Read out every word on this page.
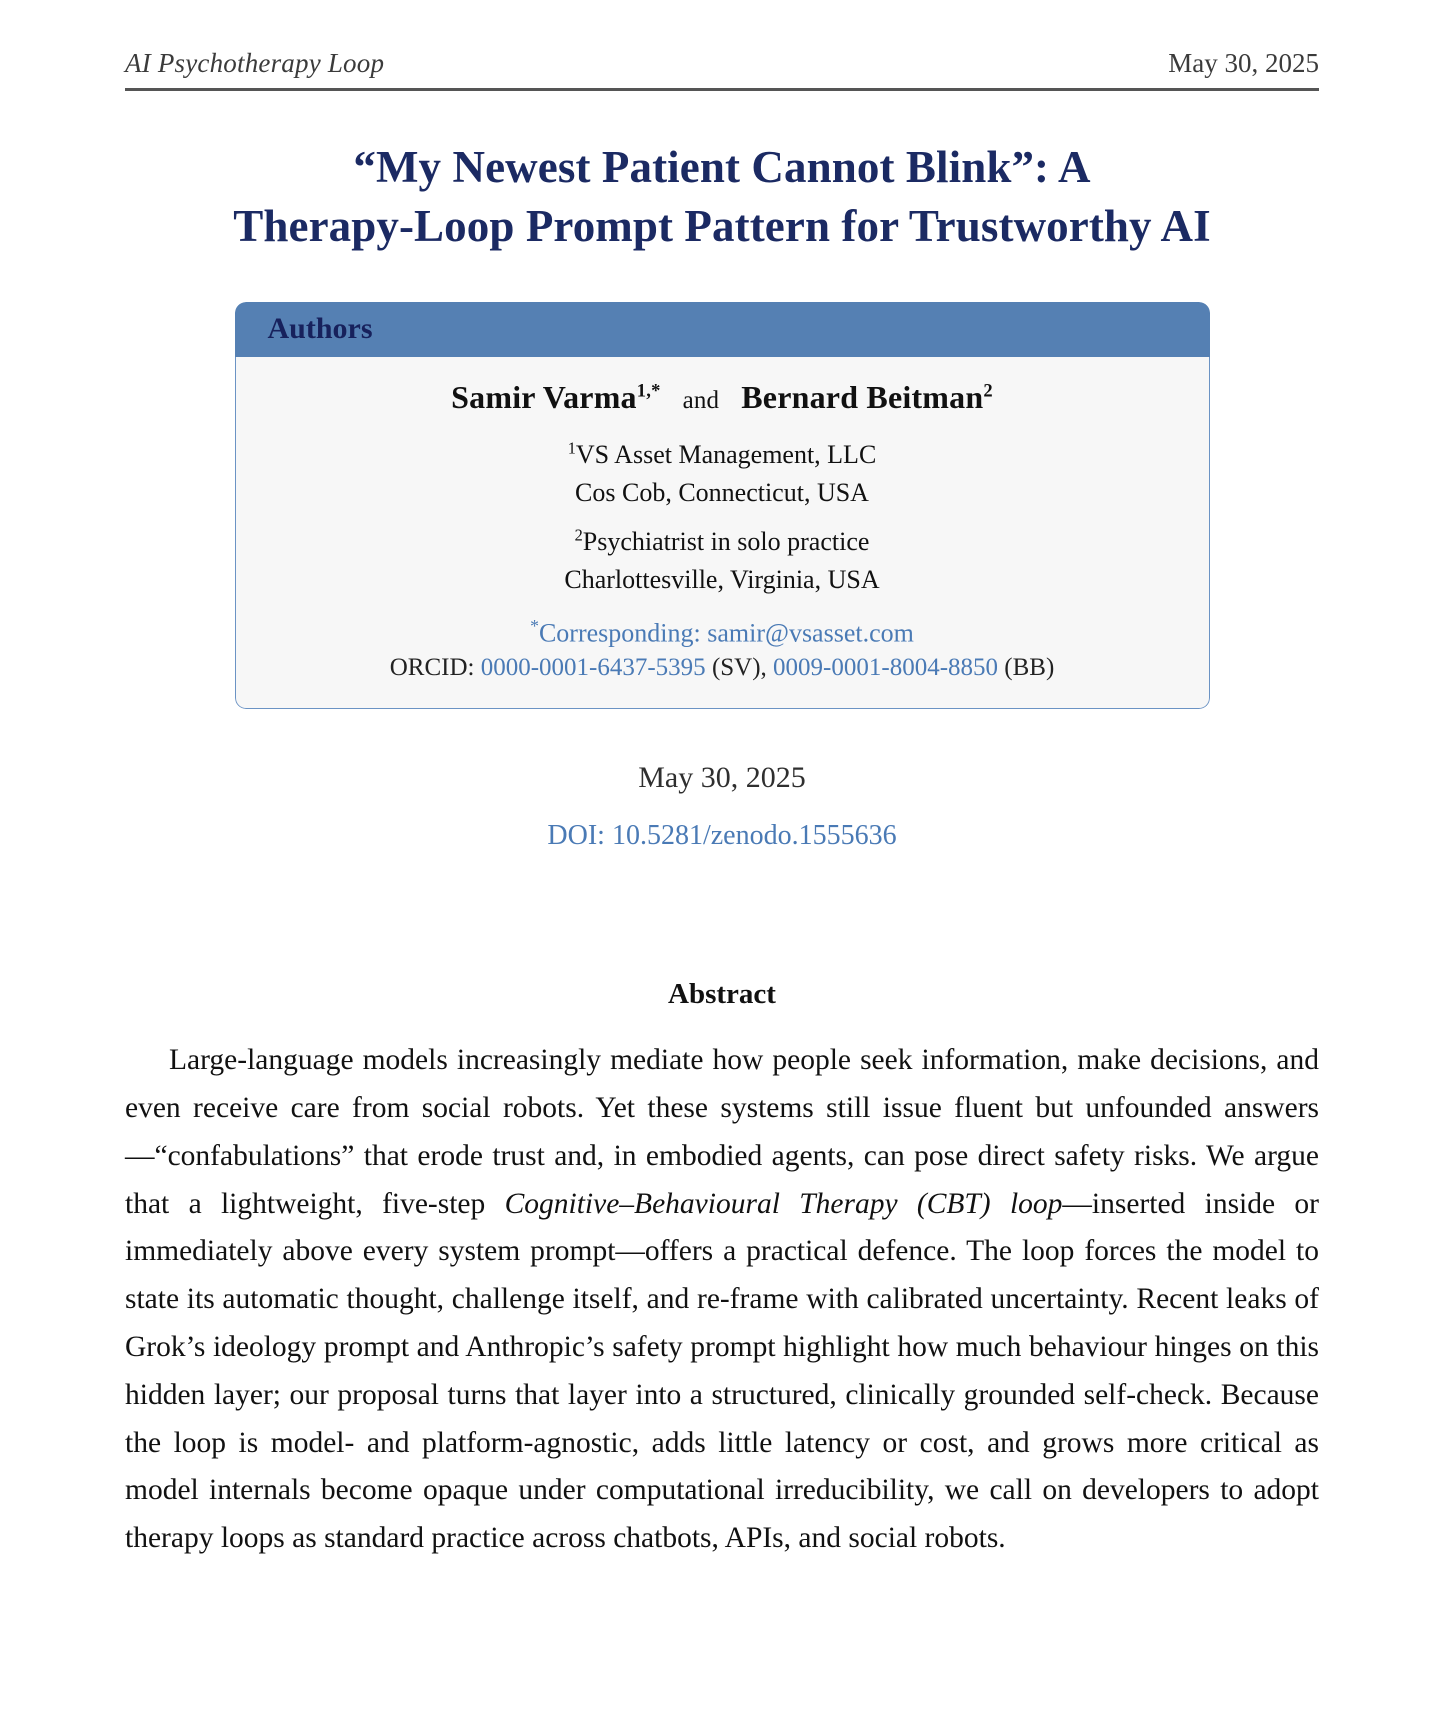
AI Psychotherapy Loop	May 30, 2025
“My Newest Patient Cannot Blink”: A
Therapy-Loop Prompt Pattern for Trustworthy AI
Authors
Samir Varma$^{1,*}$ and Bernard Beitman$^2$
$^1$VS Asset Management, LLC
Cos Cob, Connecticut, USA
$^2$Psychiatrist in solo practice
Charlottesville, Virginia, USA
*Corresponding: samir@vsasset.com
ORCID: 0000-0001-6437-5395 (SV), 0009-0001-8004-8850 (BB)
May 30, 2025
DOI: 10.5281/zenodo.1555636
Abstract
Large-language models increasingly mediate how people seek information, make decisions, and even receive care from social robots. Yet these systems still issue fluent but unfounded answers—“confabulations” that erode trust and, in embodied agents, can pose direct safety risks. We argue that a lightweight, five-step Cognitive–Behavioural Therapy (CBT) loop—inserted inside or immediately above every system prompt—offers a practical defence. The loop forces the model to state its automatic thought, challenge itself, and re-frame with calibrated uncertainty. Recent leaks of Grok’s ideology prompt and Anthropic’s safety prompt highlight how much behaviour hinges on this hidden layer; our proposal turns that layer into a structured, clinically grounded self-check. Because the loop is model- and platform-agnostic, adds little latency or cost, and grows more critical as model internals become opaque under computational irreducibility, we call on developers to adopt therapy loops as standard practice across chatbots, APIs, and social robots.
